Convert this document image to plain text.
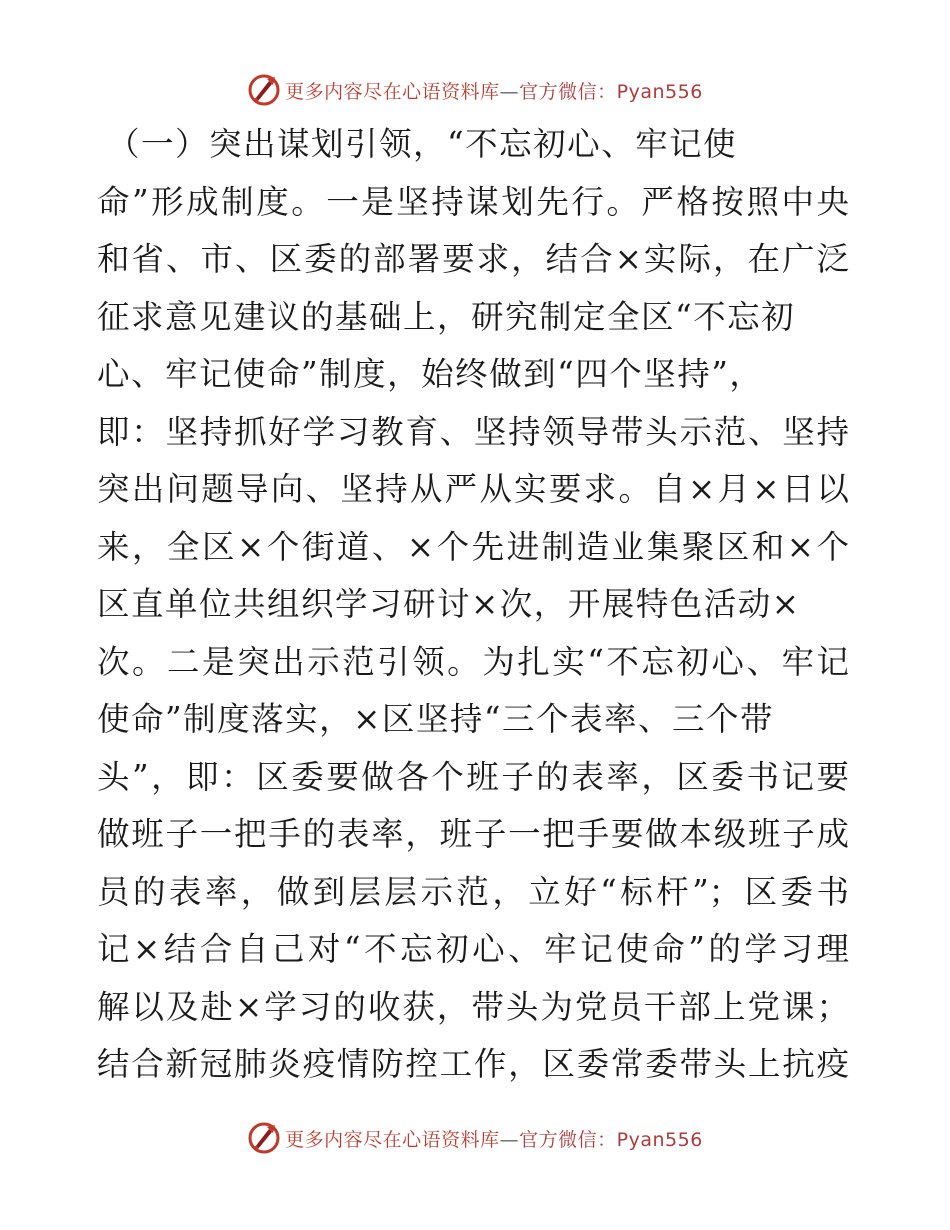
更多内容尽在心语资料库—官方微信：Pyan556
（一）突出谋划引领，“不忘初心、牢记使
命”形成制度。一是坚持谋划先行。严格按照中央
和省、市、区委的部署要求，结合×实际，在广泛
征求意见建议的基础上，研究制定全区“不忘初
心、牢记使命”制度，始终做到“四个坚持”，
即：坚持抓好学习教育、坚持领导带头示范、坚持
突出问题导向、坚持从严从实要求。自×月×日以
来，全区×个街道、×个先进制造业集聚区和×个
区直单位共组织学习研讨×次，开展特色活动×
次。二是突出示范引领。为扎实“不忘初心、牢记
使命”制度落实，×区坚持“三个表率、三个带
头”，即：区委要做各个班子的表率，区委书记要
做班子一把手的表率，班子一把手要做本级班子成
员的表率，做到层层示范，立好“标杆”；区委书
记×结合自己对“不忘初心、牢记使命”的学习理
解以及赴×学习的收获，带头为党员干部上党课；
结合新冠肺炎疫情防控工作，区委常委带头上抗疫
更多内容尽在心语资料库—官方微信：Pyan556
